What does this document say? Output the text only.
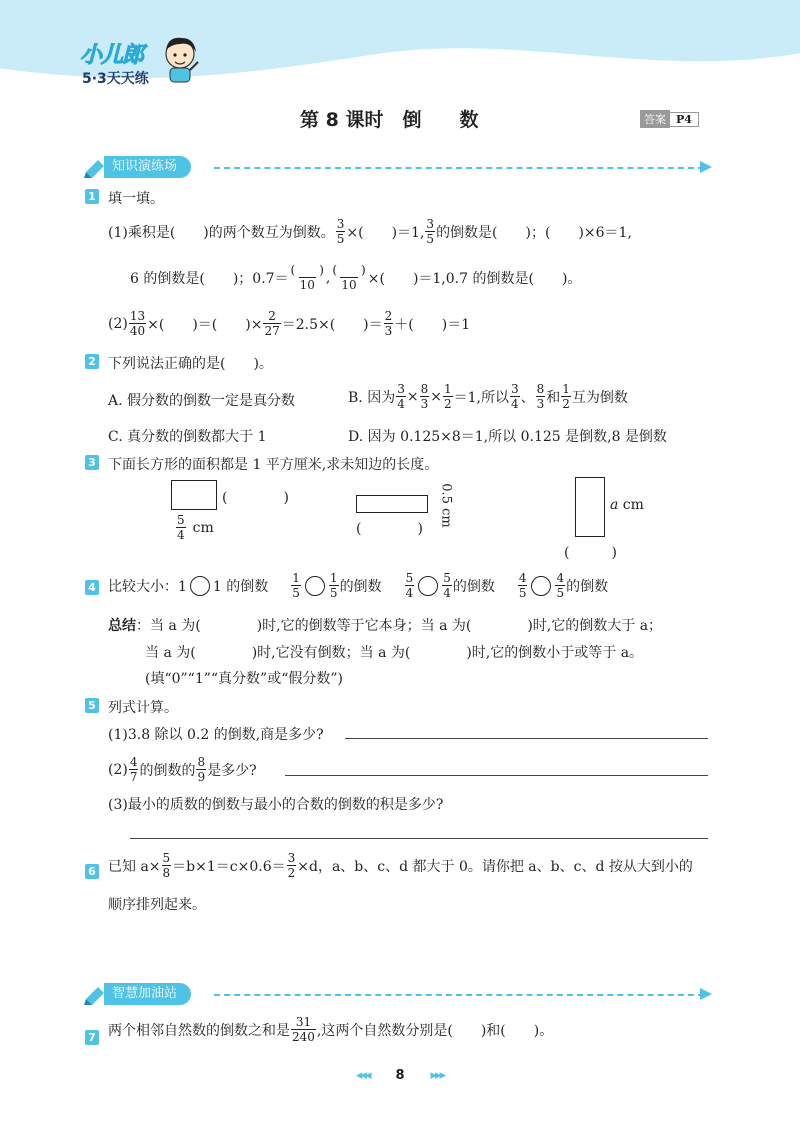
小儿郎
5·3天天练
第 8 课时　倒　　数	答案 P4
知识演练场
1 填一填。
(1)乘积是(　　)的两个数互为倒数。 $\frac{3}{5}$ ×(　　)＝1, $\frac{3}{5}$ 的倒数是(　　)；(　　)×6＝1,
6 的倒数是(　　)；$0.7= \frac{( )}{10}$ , $\frac{( )}{10}$ ×(　　)＝1,0.7 的倒数是(　　)。
$(2) \frac{13}{40}$ ×(　　)＝(　　)× $\frac{2}{27} =2.5\times$(　　)＝ $\frac{2}{3}$ ＋(　　)＝1
2 下列说法正确的是(　　)。
A. 假分数的倒数一定是真分数	B. 因为 $\frac{3}{4} \times \frac{8}{3} \times \frac{1}{2} =1$,所以 $\frac{3}{4}$ 、 $\frac{8}{3}$ 和 $\frac{1}{2}$ 互为倒数
C. 真分数的倒数都大于 1	D. 因为 0.125×8＝1,所以 0.125 是倒数,8 是倒数
3 下面长方形的面积都是 1 平方厘米,求未知边的长度。
(　　　　)
$\frac{5}{4}$ cm	(　　　　)
0.5 cm	a cm
(　　　)
4 比较大小：1 1 的倒数 $\frac{1}{5} \frac{1}{5}$ 的倒数 $\frac{5}{4} \frac{5}{4}$ 的倒数 $\frac{4}{5} \frac{4}{5}$ 的倒数
总结 ：当 a 为(　　　　)时,它的倒数等于它本身；当 a 为(　　　　)时,它的倒数大于 a；
当 a 为(　　　　)时,它没有倒数；当 a 为(　　　　)时,它的倒数小于或等于 a。
(填“0”“1”“真分数”或“假分数”)
5 列式计算。
(1)3.8 除以 0.2 的倒数,商是多少?
$(2) \frac{4}{7}$ 的倒数的 $\frac{8}{9}$ 是多少?
(3)最小的质数的倒数与最小的合数的倒数的积是多少?
6 已知 $a\times \frac{5}{8} =b\times 1=c\times 0.6= \frac{3}{2} \times d$，a、b、c、d 都大于 0。请你把 a、b、c、d 按从大到小的
顺序排列起来。
智慧加油站
7 两个相邻自然数的倒数之和是 $\frac{31}{240}$ ,这两个自然数分别是(　　)和(　　)。
◂◂◂ 8 ▸▸▸
